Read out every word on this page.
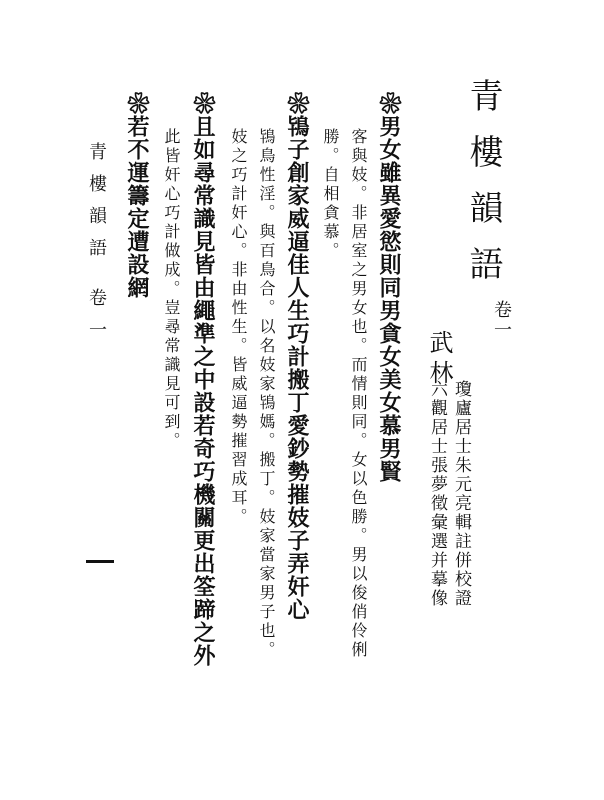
青樓韻語
卷一
武林
瓊廬居士朱元亮輯註併校證
六觀居士張夢徵彙選并摹像
❀男女雖異愛慾則同男貪女美女慕男賢
客與妓。非居室之男女也。而情則同。女以色勝。男以俊俏伶俐
勝。自相貪慕。
❀鴇子創家威逼佳人生巧計搬丁愛鈔勢摧妓子弄奸心
鴇鳥性淫。與百鳥合。以名妓家鴇媽。搬丁。妓家當家男子也。
妓之巧計奸心。非由性生。皆威逼勢摧習成耳。
❀且如尋常識見皆由繩準之中設若奇巧機關更出筌蹄之外
此皆奸心巧計做成。豈尋常識見可到。
❀若不運籌定遭設網
青樓韻語卷一
